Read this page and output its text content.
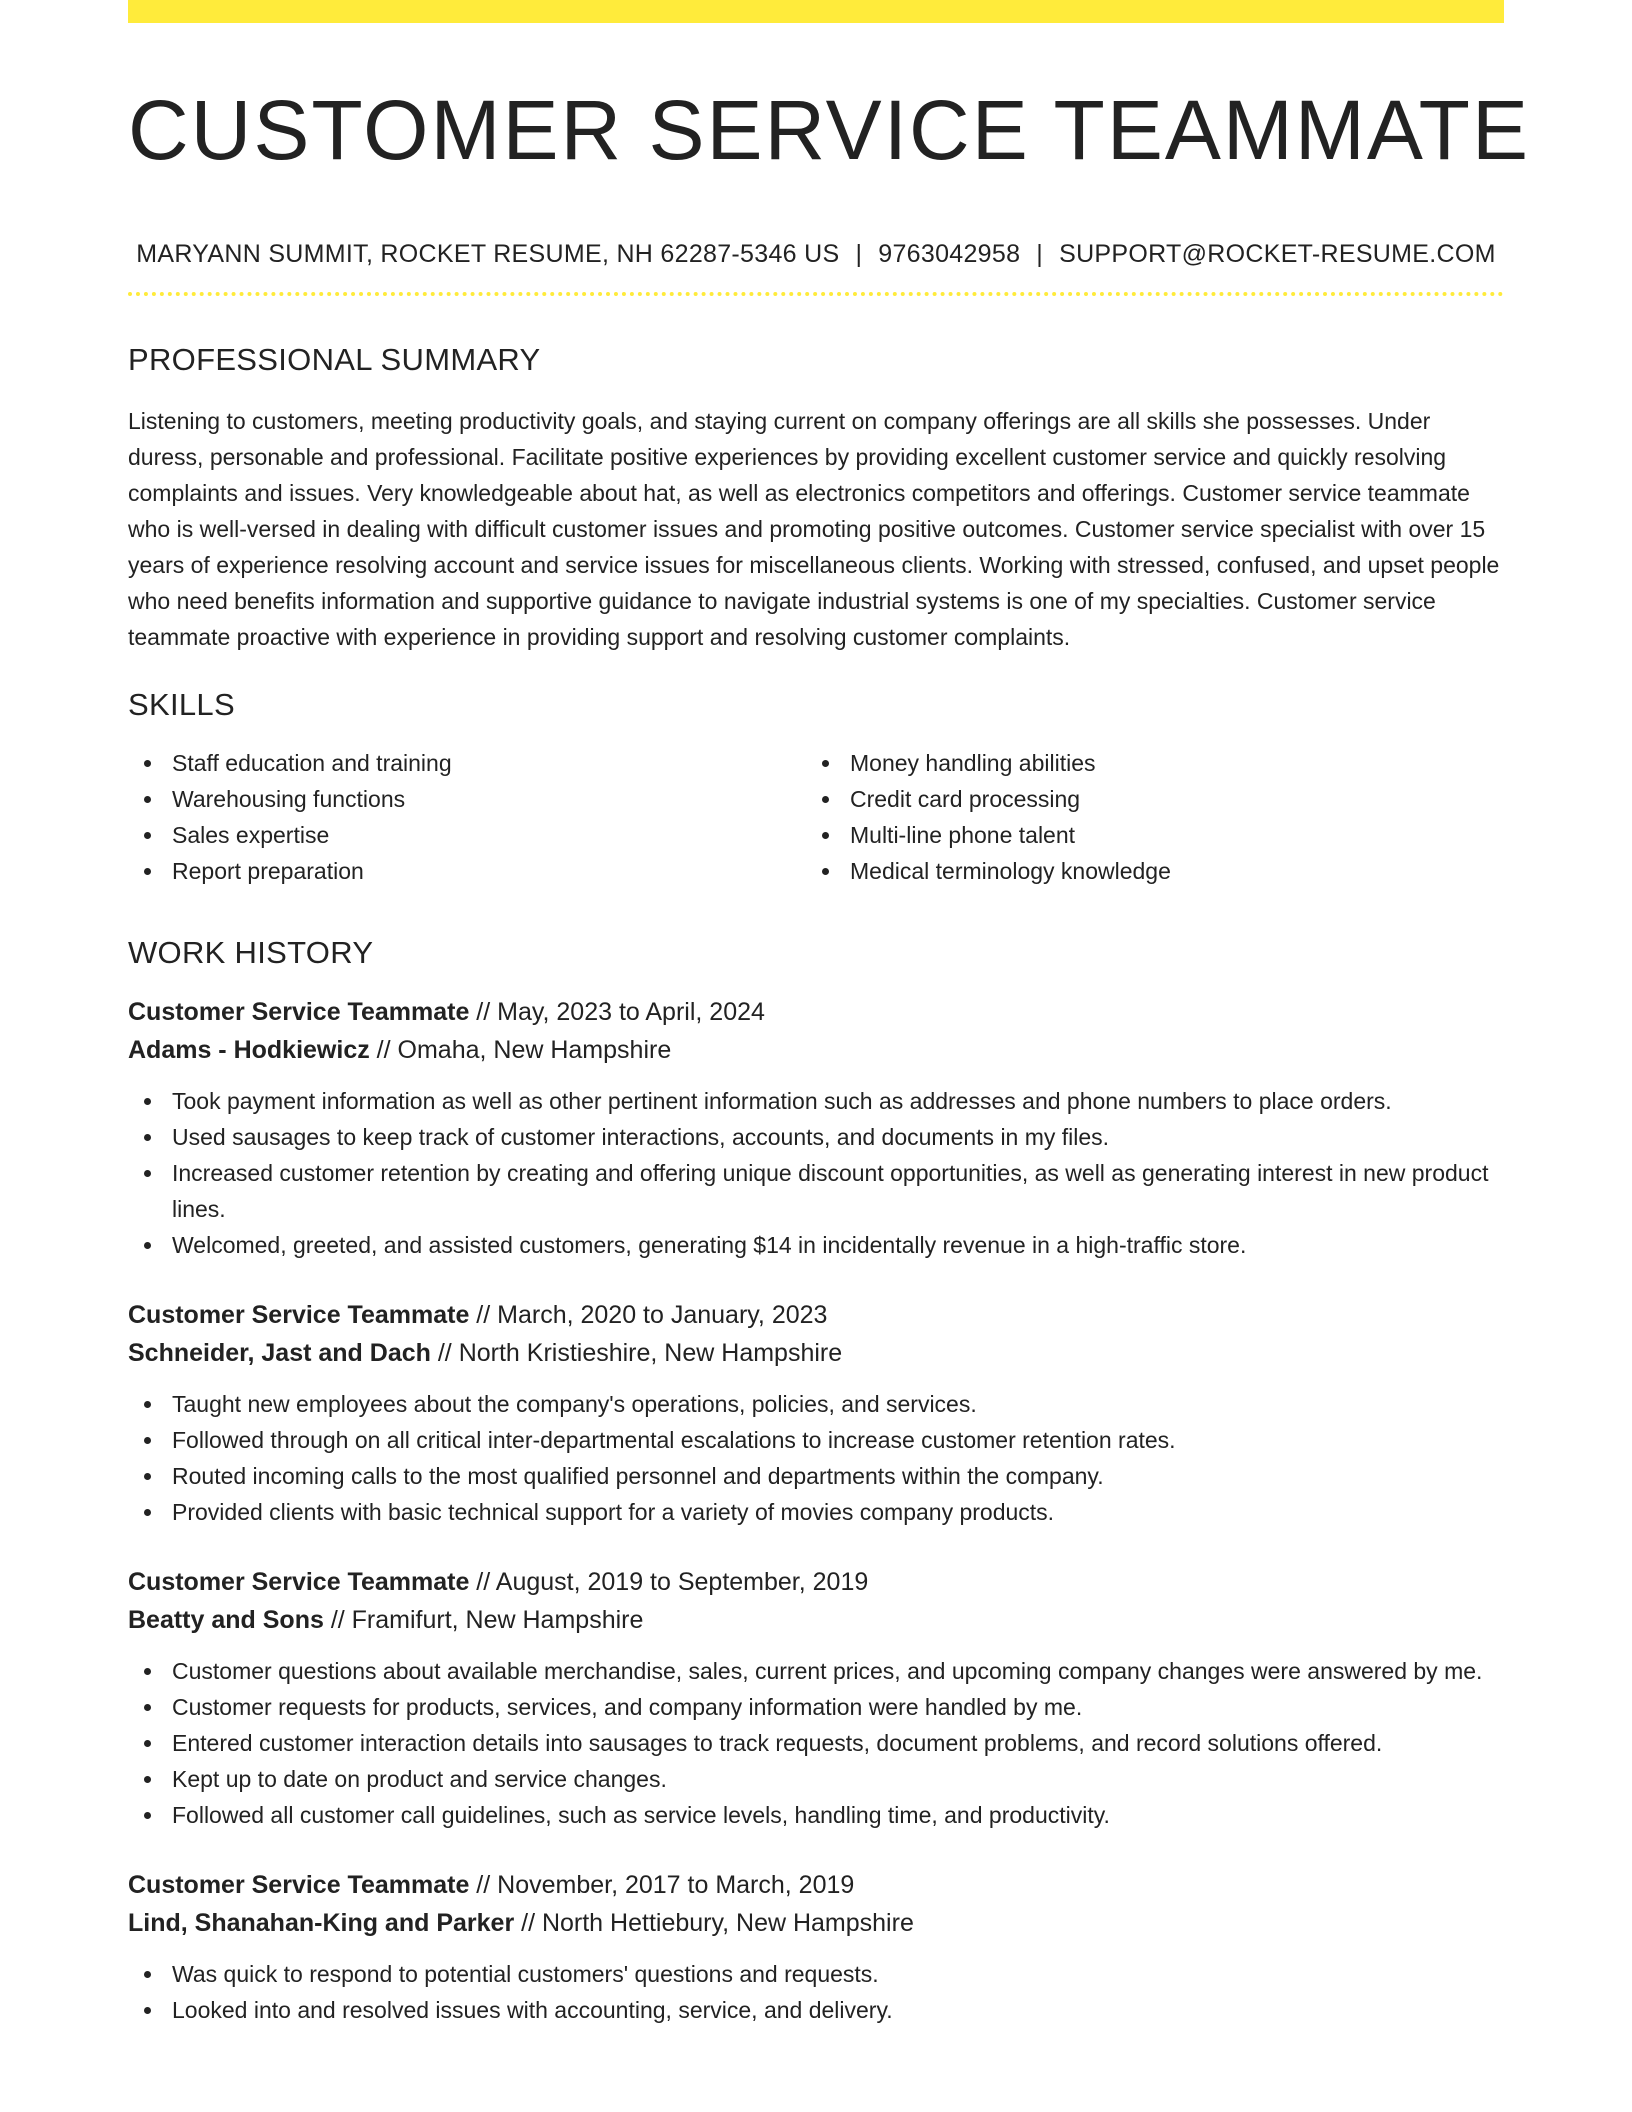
CUSTOMER SERVICE TEAMMATE
MARYANN SUMMIT, ROCKET RESUME, NH 62287-5346 US | 9763042958 | SUPPORT@ROCKET-RESUME.COM
PROFESSIONAL SUMMARY

Listening to customers, meeting productivity goals, and staying current on company offerings are all skills she possesses. Under duress, personable and professional. Facilitate positive experiences by providing excellent customer service and quickly resolving complaints and issues. Very knowledgeable about hat, as well as electronics competitors and offerings. Customer service teammate who is well-versed in dealing with difficult customer issues and promoting positive outcomes. Customer service specialist with over 15 years of experience resolving account and service issues for miscellaneous clients. Working with stressed, confused, and upset people who need benefits information and supportive guidance to navigate industrial systems is one of my specialties. Customer service teammate proactive with experience in providing support and resolving customer complaints.

SKILLS
Staff education and training
Warehousing functions
Sales expertise
Report preparation
Money handling abilities
Credit card processing
Multi-line phone talent
Medical terminology knowledge
WORK HISTORY
Customer Service Teammate // May, 2023 to April, 2024
Adams - Hodkiewicz // Omaha, New Hampshire
Took payment information as well as other pertinent information such as addresses and phone numbers to place orders.
Used sausages to keep track of customer interactions, accounts, and documents in my files.
Increased customer retention by creating and offering unique discount opportunities, as well as generating interest in new product lines.
Welcomed, greeted, and assisted customers, generating $14 in incidentally revenue in a high-traffic store.
Customer Service Teammate // March, 2020 to January, 2023
Schneider, Jast and Dach // North Kristieshire, New Hampshire
Taught new employees about the company's operations, policies, and services.
Followed through on all critical inter-departmental escalations to increase customer retention rates.
Routed incoming calls to the most qualified personnel and departments within the company.
Provided clients with basic technical support for a variety of movies company products.
Customer Service Teammate // August, 2019 to September, 2019
Beatty and Sons // Framifurt, New Hampshire
Customer questions about available merchandise, sales, current prices, and upcoming company changes were answered by me.
Customer requests for products, services, and company information were handled by me.
Entered customer interaction details into sausages to track requests, document problems, and record solutions offered.
Kept up to date on product and service changes.
Followed all customer call guidelines, such as service levels, handling time, and productivity.
Customer Service Teammate // November, 2017 to March, 2019
Lind, Shanahan-King and Parker // North Hettiebury, New Hampshire
Was quick to respond to potential customers' questions and requests.
Looked into and resolved issues with accounting, service, and delivery.
